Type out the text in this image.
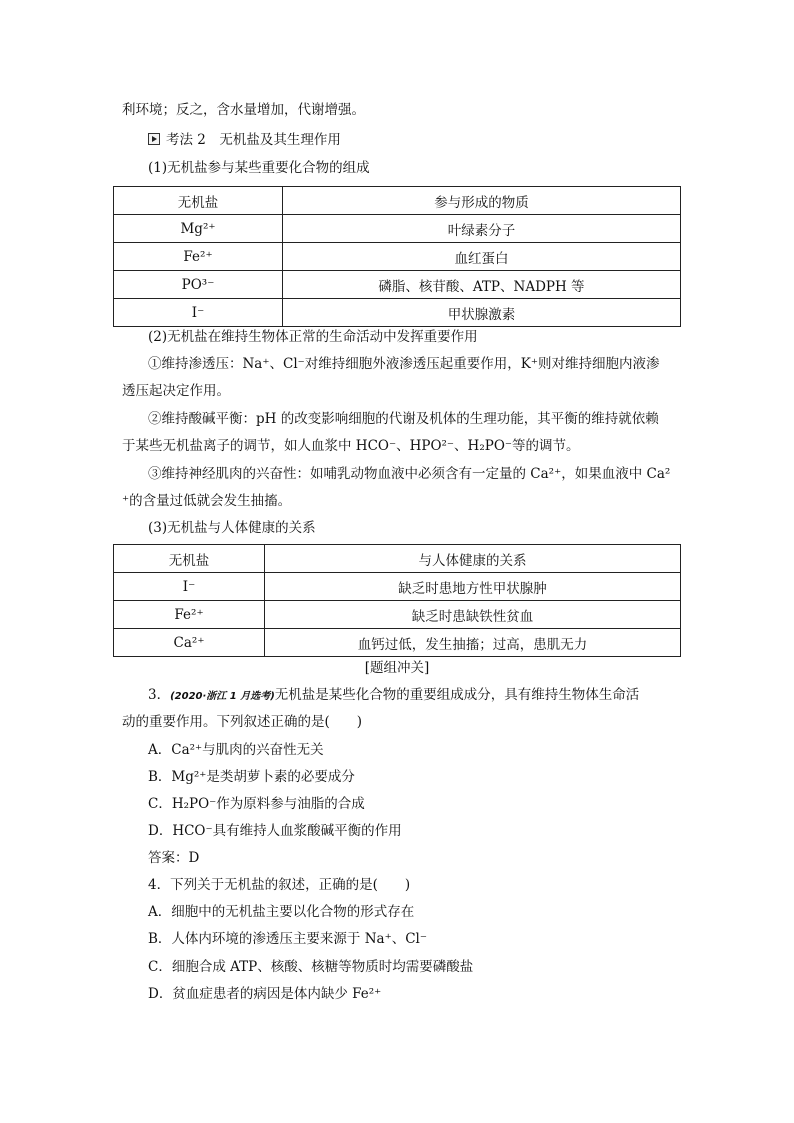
利环境；反之，含水量增加，代谢增强。
考法 2　无机盐及其生理作用
(1)无机盐参与某些重要化合物的组成
无机盐	参与形成的物质
Mg²⁺	叶绿素分子
Fe²⁺	血红蛋白
PO³⁻	磷脂、核苷酸、ATP、NADPH 等
I⁻	甲状腺激素
(2)无机盐在维持生物体正常的生命活动中发挥重要作用
①维持渗透压：Na⁺、Cl⁻对维持细胞外液渗透压起重要作用，K⁺则对维持细胞内液渗
透压起决定作用。
②维持酸碱平衡：pH 的改变影响细胞的代谢及机体的生理功能，其平衡的维持就依赖
于某些无机盐离子的调节，如人血浆中 HCO⁻、HPO²⁻、H₂PO⁻等的调节。
③维持神经肌肉的兴奋性：如哺乳动物血液中必须含有一定量的 Ca²⁺，如果血液中 Ca²
⁺的含量过低就会发生抽搐。
(3)无机盐与人体健康的关系
无机盐	与人体健康的关系
I⁻	缺乏时患地方性甲状腺肿
Fe²⁺	缺乏时患缺铁性贫血
Ca²⁺	血钙过低，发生抽搐；过高，患肌无力
[题组冲关]
3．(2020·浙江 1 月选考)无机盐是某些化合物的重要组成成分，具有维持生物体生命活
动的重要作用。下列叙述正确的是(　　)
A．Ca²⁺与肌肉的兴奋性无关
B．Mg²⁺是类胡萝卜素的必要成分
C．H₂PO⁻作为原料参与油脂的合成
D．HCO⁻具有维持人血浆酸碱平衡的作用
答案：D
4．下列关于无机盐的叙述，正确的是(　　)
A．细胞中的无机盐主要以化合物的形式存在
B．人体内环境的渗透压主要来源于 Na⁺、Cl⁻
C．细胞合成 ATP、核酸、核糖等物质时均需要磷酸盐
D．贫血症患者的病因是体内缺少 Fe²⁺
